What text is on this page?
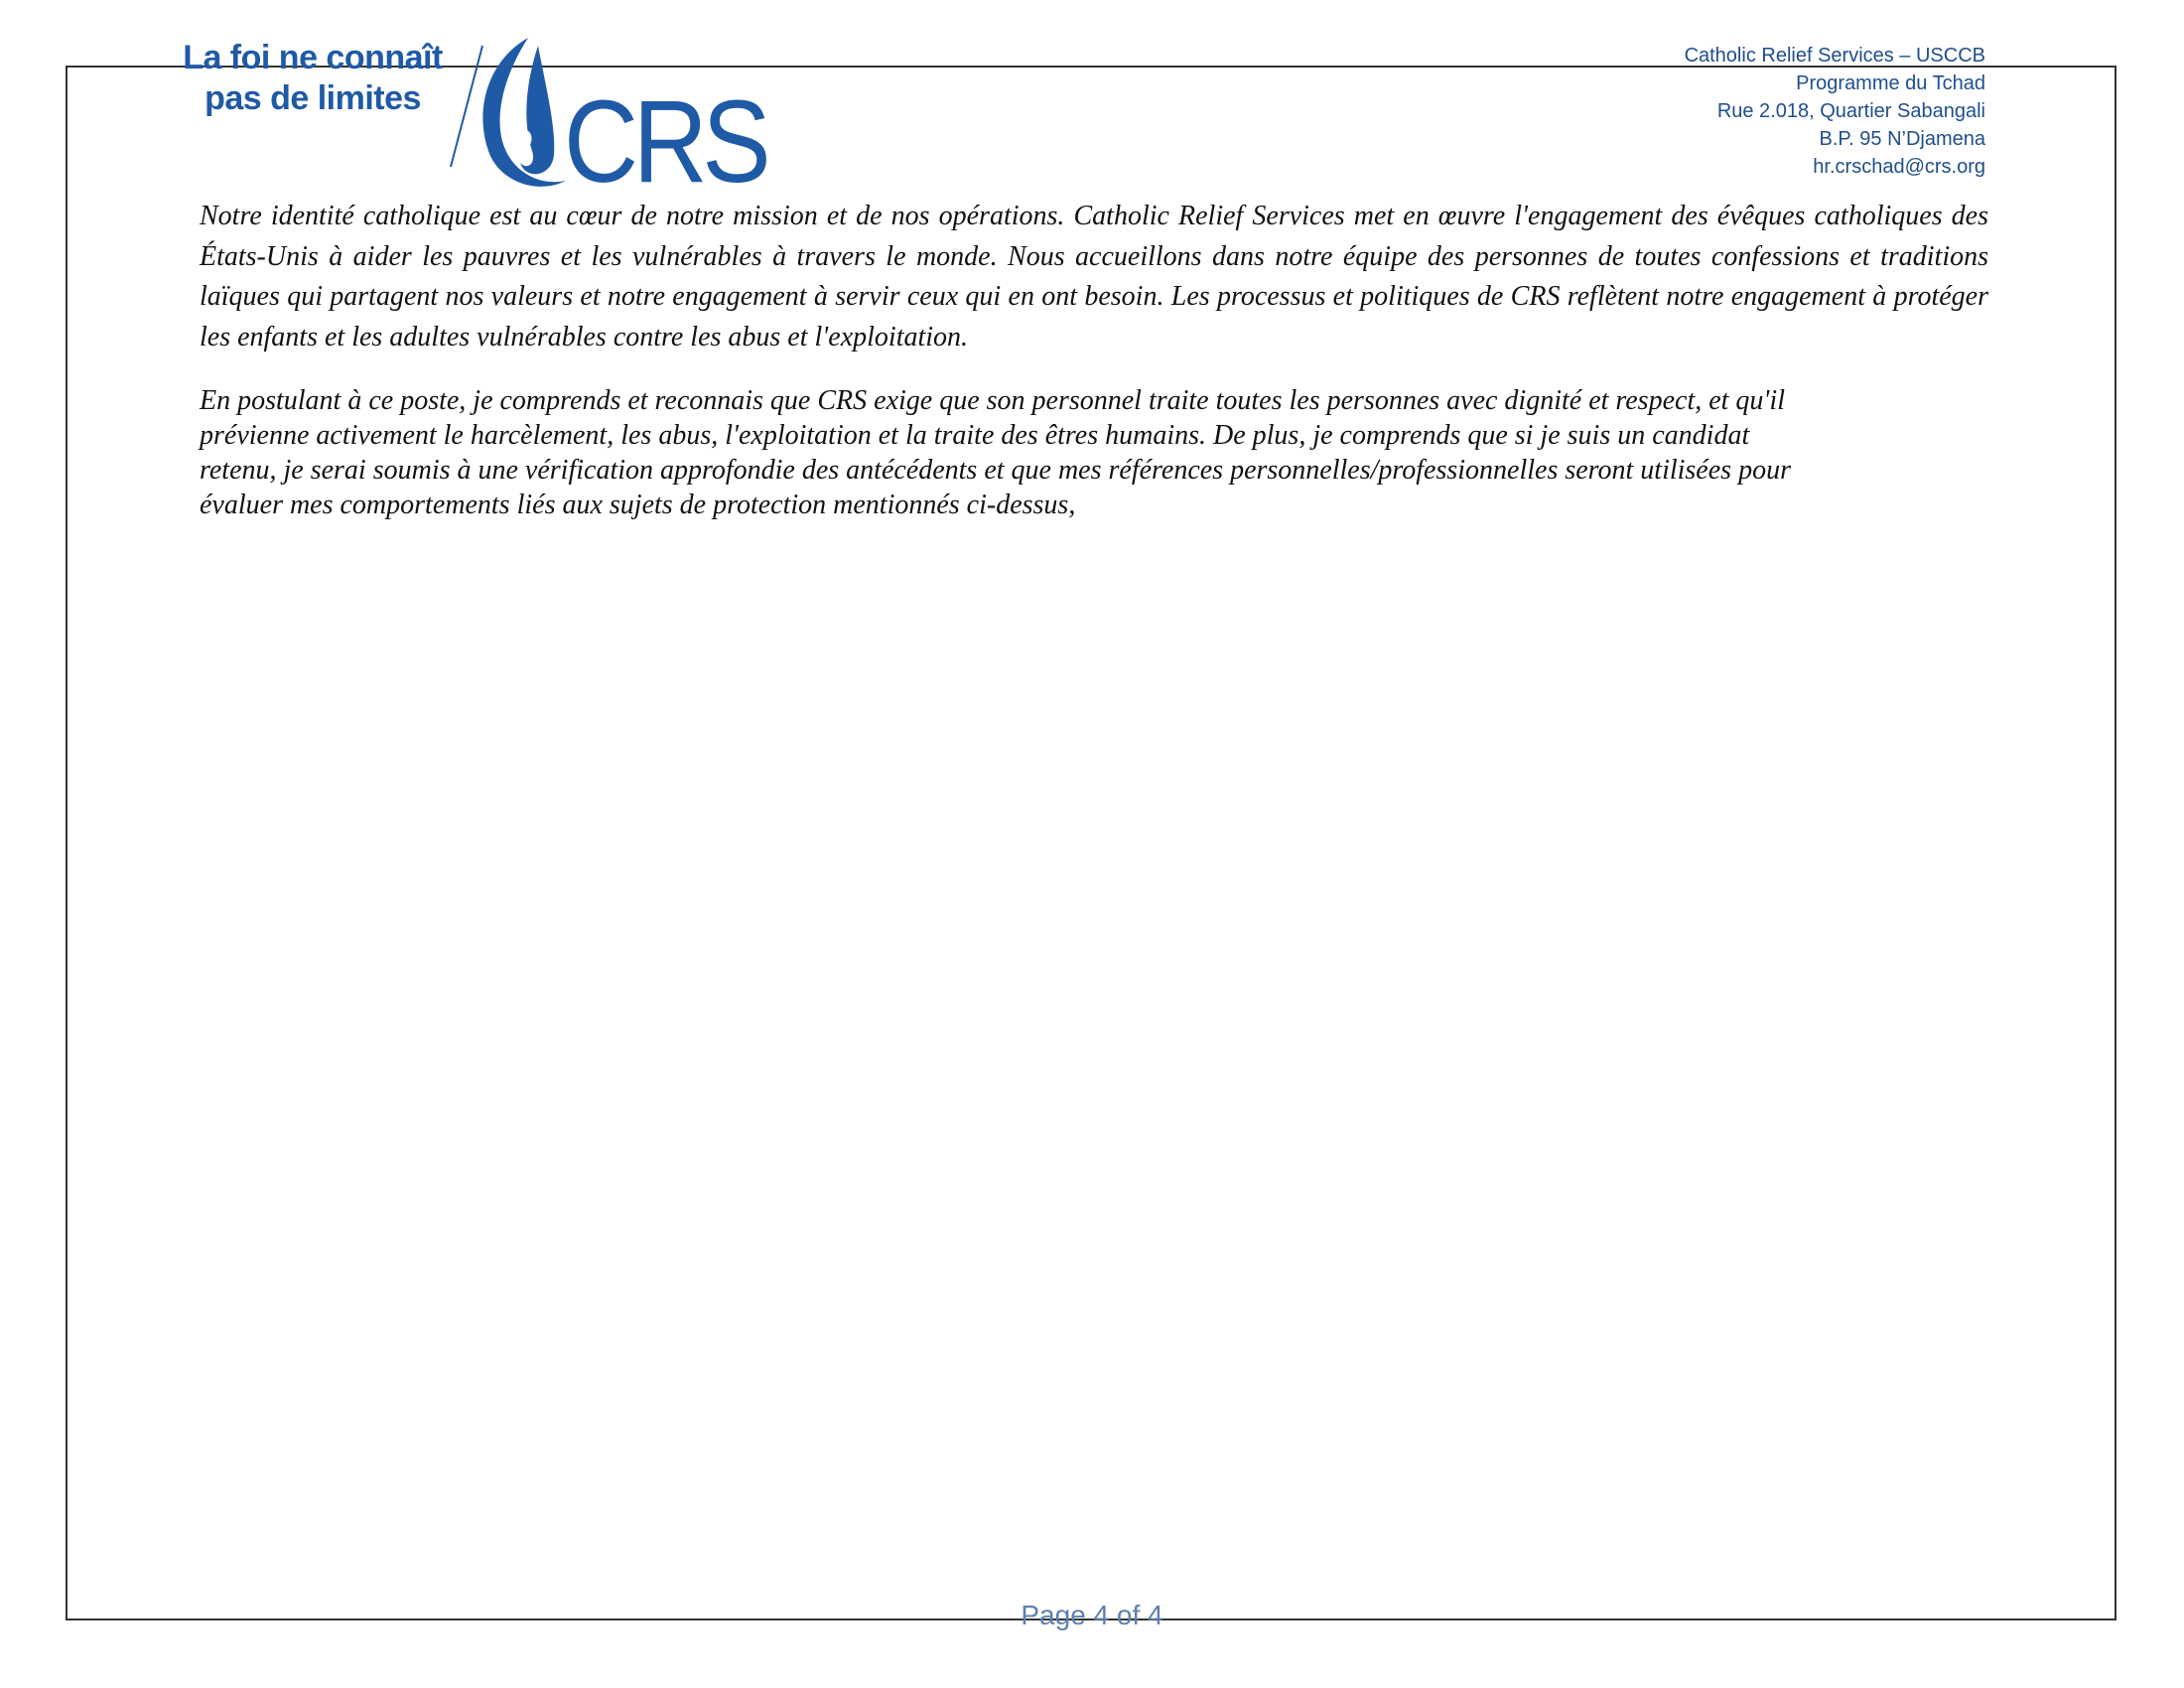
La foi ne connaît
pas de limites	CRS
Catholic Relief Services – USCCB
Programme du Tchad
Rue 2.018, Quartier Sabangali
B.P. 95 N’Djamena
hr.crschad@crs.org

Notre identité catholique est au cœur de notre mission et de nos opérations. Catholic Relief Services met en œuvre l'engagement des évêques catholiques des États-Unis à aider les pauvres et les vulnérables à travers le monde. Nous accueillons dans notre équipe des personnes de toutes confessions et traditions laïques qui partagent nos valeurs et notre engagement à servir ceux qui en ont besoin. Les processus et politiques de CRS reflètent notre engagement à protéger les enfants et les adultes vulnérables contre les abus et l'exploitation.

En postulant à ce poste, je comprends et reconnais que CRS exige que son personnel traite toutes les personnes avec dignité et respect, et qu'il
prévienne activement le harcèlement, les abus, l'exploitation et la traite des êtres humains. De plus, je comprends que si je suis un candidat
retenu, je serai soumis à une vérification approfondie des antécédents et que mes références personnelles/professionnelles seront utilisées pour
évaluer mes comportements liés aux sujets de protection mentionnés ci-dessus,

Page 4 of 4
